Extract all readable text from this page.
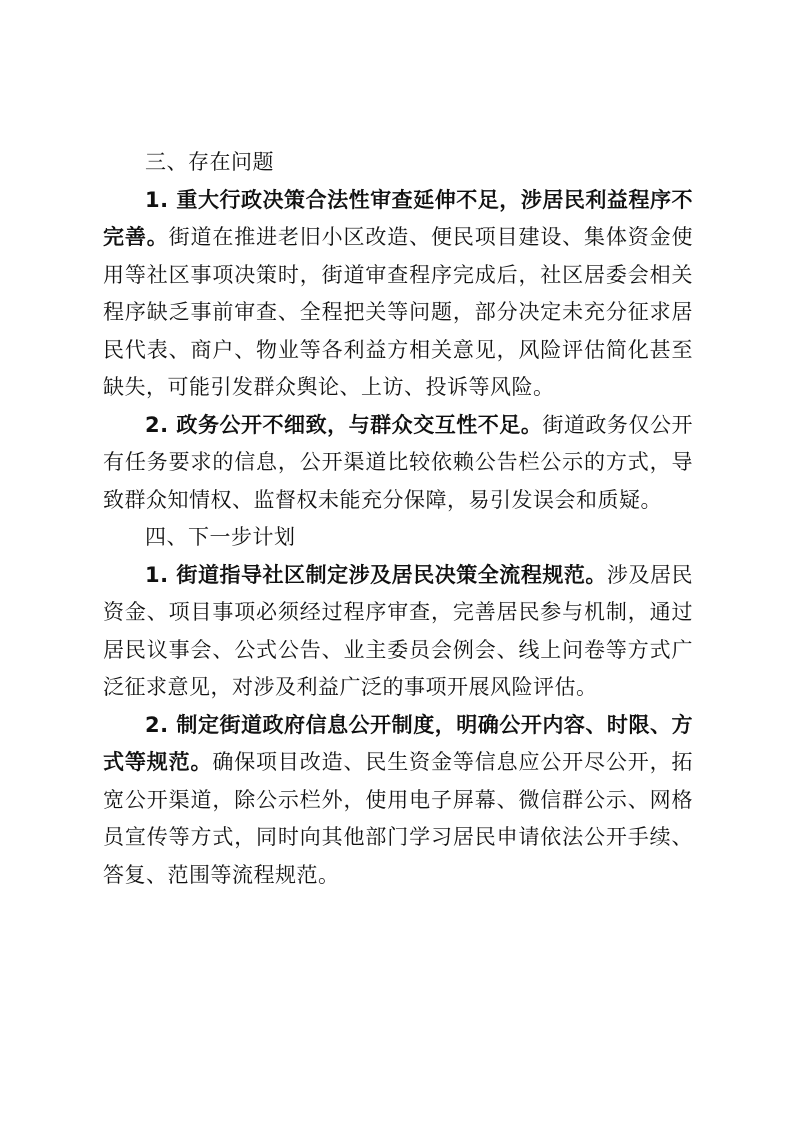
三、存在问题

1. 重大行政决策合法性审查延伸不足，涉居民利益程序不完善。街道在推进老旧小区改造、便民项目建设、集体资金使用等社区事项决策时，街道审查程序完成后，社区居委会相关程序缺乏事前审查、全程把关等问题，部分决定未充分征求居民代表、商户、物业等各利益方相关意见，风险评估简化甚至缺失，可能引发群众舆论、上访、投诉等风险。

2. 政务公开不细致，与群众交互性不足。街道政务仅公开有任务要求的信息，公开渠道比较依赖公告栏公示的方式，导致群众知情权、监督权未能充分保障，易引发误会和质疑。

四、下一步计划

1. 街道指导社区制定涉及居民决策全流程规范。涉及居民资金、项目事项必须经过程序审查，完善居民参与机制，通过居民议事会、公式公告、业主委员会例会、线上问卷等方式广泛征求意见，对涉及利益广泛的事项开展风险评估。

2. 制定街道政府信息公开制度，明确公开内容、时限、方式等规范。确保项目改造、民生资金等信息应公开尽公开，拓宽公开渠道，除公示栏外，使用电子屏幕、微信群公示、网格员宣传等方式，同时向其他部门学习居民申请依法公开手续、答复、范围等流程规范。
